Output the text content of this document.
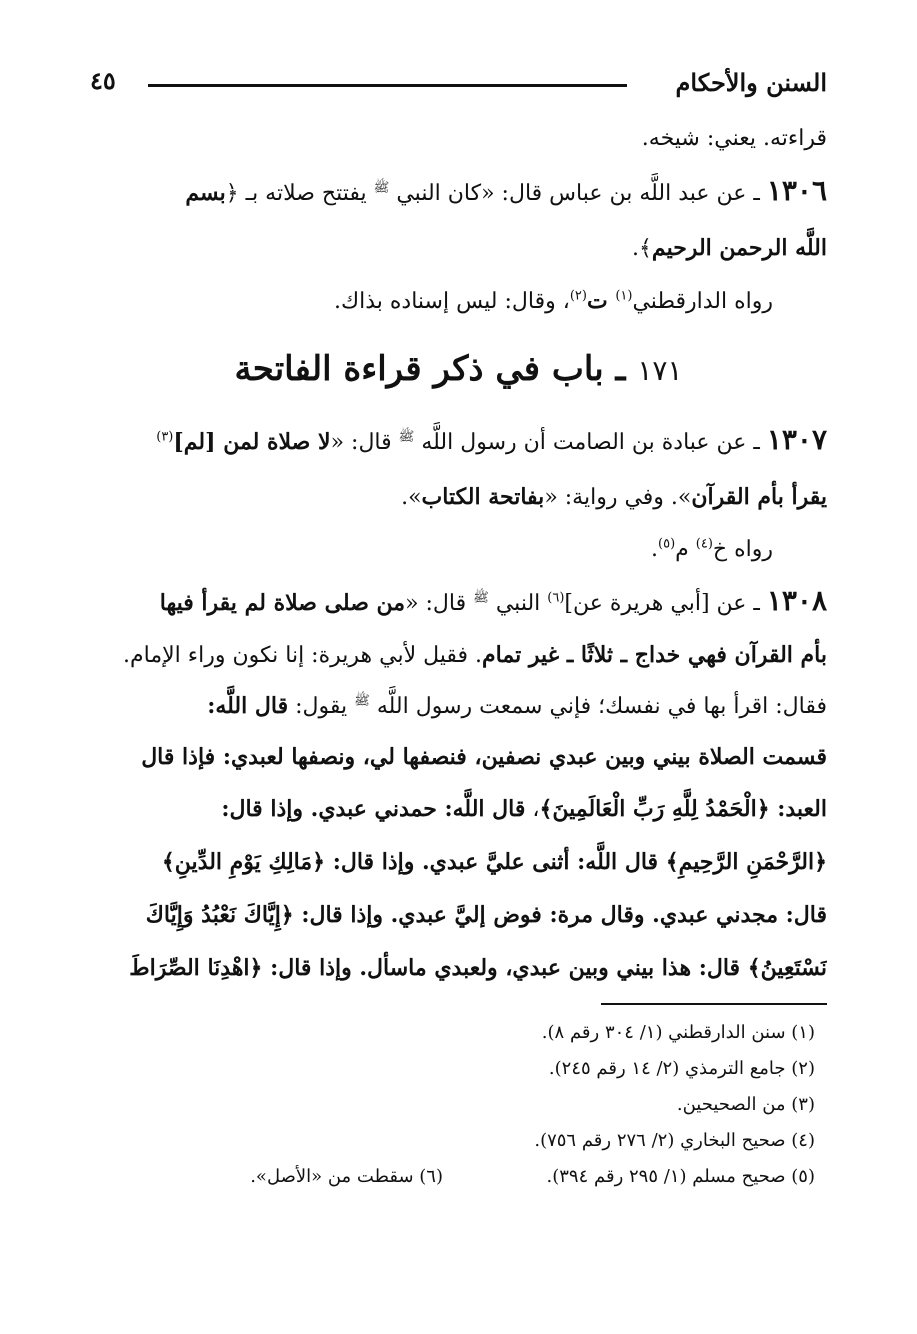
السنن والأحكام
٤٥
قراءته. يعني: شيخه.
١٣٠٦ ـ عن عبد اللَّه بن عباس قال: «كان النبي $^ﷺ$ يفتتح صلاته بـ ﴿بسم
اللَّه الرحمن الرحيم﴾.
رواه الدارقطني$^{(١)}$ ت$^{(٢)}$، وقال: ليس إسناده بذاك.
١٧١ ـ باب في ذكر قراءة الفاتحة
١٣٠٧ ـ عن عبادة بن الصامت أن رسول اللَّه $^ﷺ$ قال: «لا صلاة لمن [لم]$^{(٣)}$
يقرأ بأم القرآن». وفي رواية: «بفاتحة الكتاب».
رواه خ$^{(٤)}$ م$^{(٥)}$.
١٣٠٨ ـ عن [أبي هريرة عن]$^{(٦)}$ النبي $^ﷺ$ قال: «من صلى صلاة لم يقرأ فيها
بأم القرآن فهي خداج ـ ثلاثًا ـ غير تمام. فقيل لأبي هريرة: إنا نكون وراء الإمام.
فقال: اقرأ بها في نفسك؛ فإني سمعت رسول اللَّه $^ﷺ$ يقول: قال اللَّه:
قسمت الصلاة بيني وبين عبدي نصفين، فنصفها لي، ونصفها لعبدي: فإذا قال
العبد: ﴿الْحَمْدُ لِلَّهِ رَبِّ الْعَالَمِينَ﴾، قال اللَّه: حمدني عبدي. وإذا قال:
﴿الرَّحْمَنِ الرَّحِيمِ﴾ قال اللَّه: أثنى عليَّ عبدي. وإذا قال: ﴿مَالِكِ يَوْمِ الدِّينِ﴾
قال: مجدني عبدي. وقال مرة: فوض إليَّ عبدي. وإذا قال: ﴿إِيَّاكَ نَعْبُدُ وَإِيَّاكَ
نَسْتَعِينُ﴾ قال: هذا بيني وبين عبدي، ولعبدي ماسأل. وإذا قال: ﴿اهْدِنَا الصِّرَاطَ
(١) سنن الدارقطني (١/ ٣٠٤ رقم ٨).
(٢) جامع الترمذي (٢/ ١٤ رقم ٢٤٥).
(٣) من الصحيحين.
(٤) صحيح البخاري (٢/ ٢٧٦ رقم ٧٥٦).
(٥) صحيح مسلم (١/ ٢٩٥ رقم ٣٩٤).
(٦) سقطت من «الأصل».
